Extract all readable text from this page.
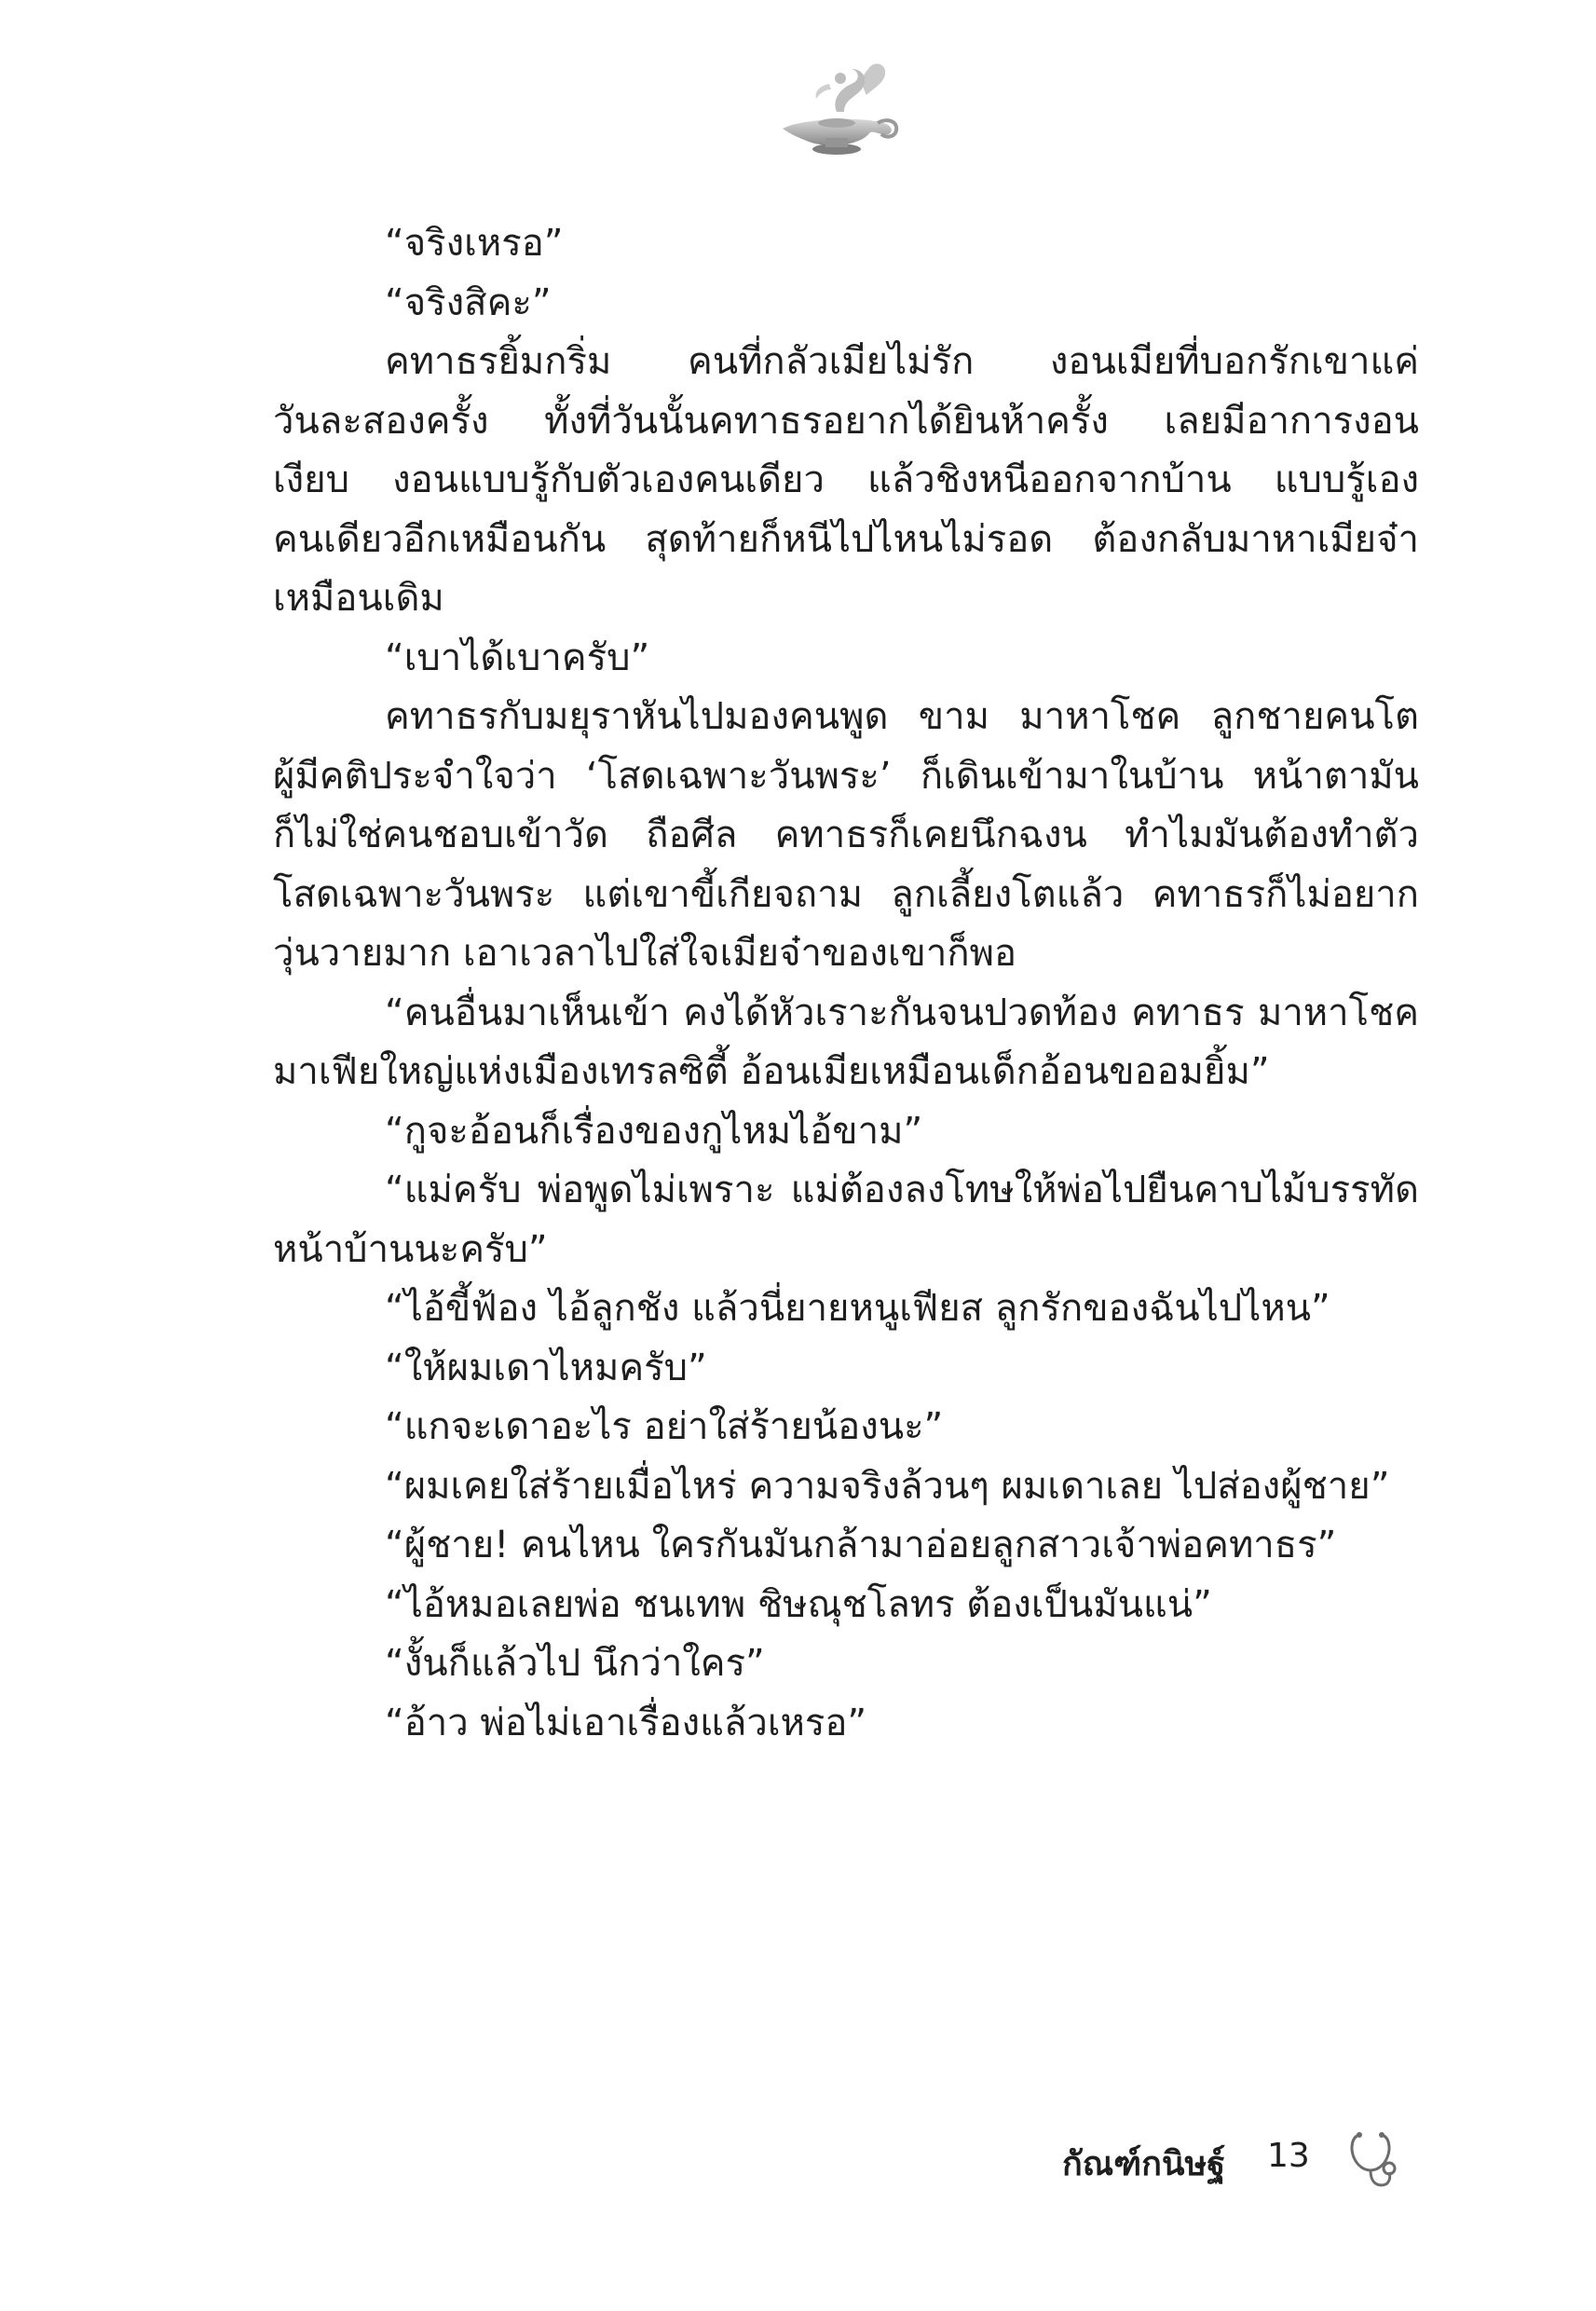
“จริงเหรอ”
“จริงสิคะ”
คทาธรยิ้มกริ่ม คนที่กลัวเมียไม่รัก งอนเมียที่บอกรักเขาแค่
วันละสองครั้ง ทั้งที่วันนั้นคทาธรอยากได้ยินห้าครั้ง เลยมีอาการงอน
เงียบ งอนแบบรู้กับตัวเองคนเดียว แล้วชิงหนีออกจากบ้าน แบบรู้เอง
คนเดียวอีกเหมือนกัน สุดท้ายก็หนีไปไหนไม่รอด ต้องกลับมาหาเมียจ๋า
เหมือนเดิม
“เบาได้เบาครับ”
คทาธรกับมยุราหันไปมองคนพูด ขาม มาหาโชค ลูกชายคนโต
ผู้มีคติประจำใจว่า ‘โสดเฉพาะวันพระ’ ก็เดินเข้ามาในบ้าน หน้าตามัน
ก็ไม่ใช่คนชอบเข้าวัด ถือศีล คทาธรก็เคยนึกฉงน ทำไมมันต้องทำตัว
โสดเฉพาะวันพระ แต่เขาขี้เกียจถาม ลูกเลี้ยงโตแล้ว คทาธรก็ไม่อยาก
วุ่นวายมาก เอาเวลาไปใส่ใจเมียจ๋าของเขาก็พอ
“คนอื่นมาเห็นเข้า คงได้หัวเราะกันจนปวดท้อง คทาธร มาหาโชค
มาเฟียใหญ่แห่งเมืองเทรลซิตี้ อ้อนเมียเหมือนเด็กอ้อนขออมยิ้ม”
“กูจะอ้อนก็เรื่องของกูไหมไอ้ขาม”
“แม่ครับ พ่อพูดไม่เพราะ แม่ต้องลงโทษให้พ่อไปยืนคาบไม้บรรทัด
หน้าบ้านนะครับ”
“ไอ้ขี้ฟ้อง ไอ้ลูกชัง แล้วนี่ยายหนูเฟียส ลูกรักของฉันไปไหน”
“ให้ผมเดาไหมครับ”
“แกจะเดาอะไร อย่าใส่ร้ายน้องนะ”
“ผมเคยใส่ร้ายเมื่อไหร่ ความจริงล้วนๆ ผมเดาเลย ไปส่องผู้ชาย”
“ผู้ชาย! คนไหน ใครกันมันกล้ามาอ่อยลูกสาวเจ้าพ่อคทาธร”
“ไอ้หมอเลยพ่อ ชนเทพ ชิษณุชโลทร ต้องเป็นมันแน่”
“งั้นก็แล้วไป นึกว่าใคร”
“อ้าว พ่อไม่เอาเรื่องแล้วเหรอ”
กัณฑ์กนิษฐ์ 13
